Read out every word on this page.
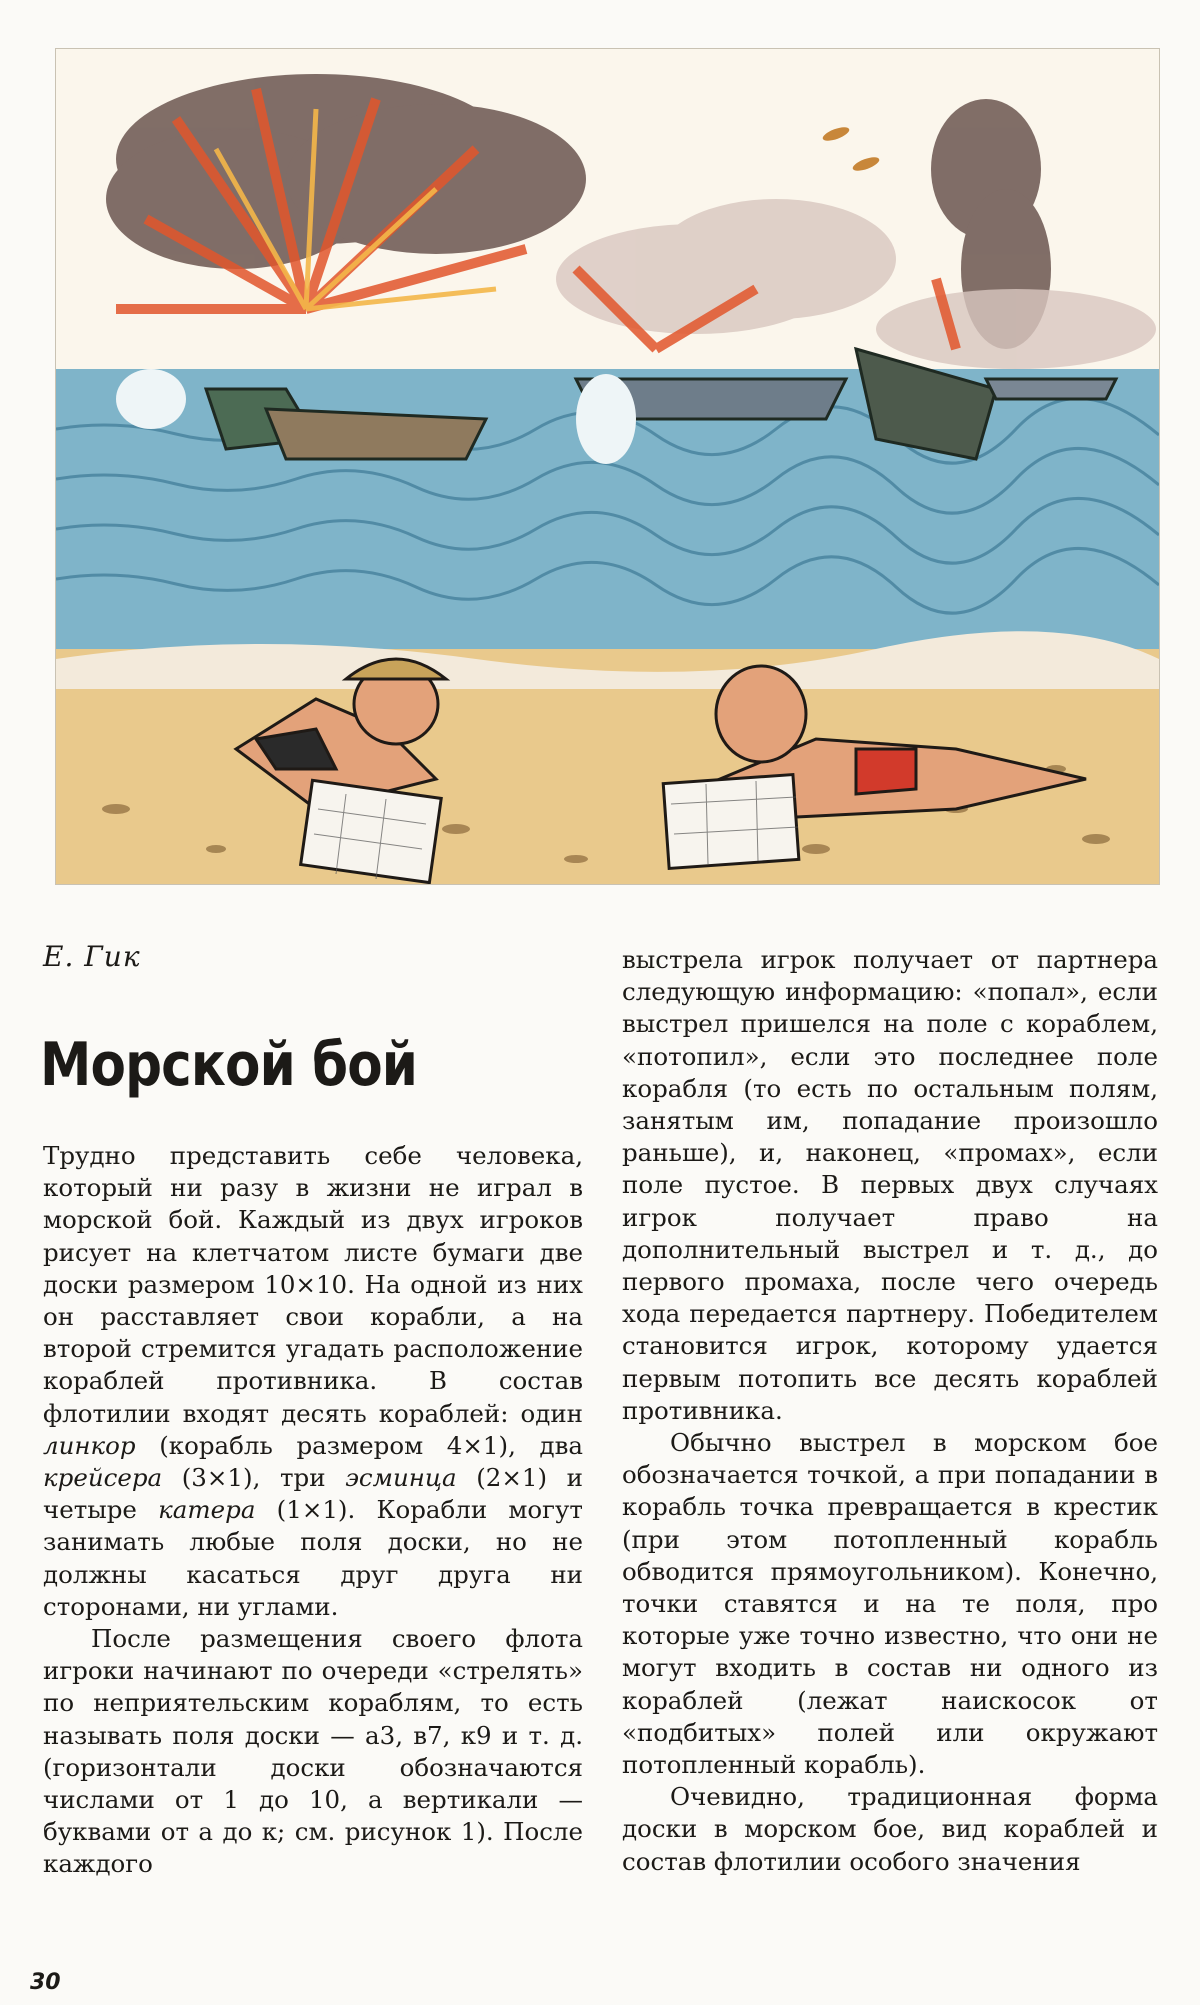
Е. Гик
Морской бой

Трудно представить себе человека, который ни разу в жизни не играл в морской бой. Каждый из двух игроков рисует на клетчатом листе бумаги две доски размером 10×10. На одной из них он расставляет свои корабли, а на второй стремится угадать расположение кораблей противника. В состав флотилии входят десять кораблей: один линкор (корабль размером 4×1), два крейсера (3×1), три эсминца (2×1) и четыре катера (1×1). Корабли могут занимать любые поля доски, но не должны касаться друг друга ни сторонами, ни углами.

После размещения своего флота игроки начинают по очереди «стрелять» по неприятельским кораблям, то есть называть поля доски — a3, в7, к9 и т. д. (горизонтали доски обозначаются числами от 1 до 10, а вертикали — буквами от а до к; см. рисунок 1). После каждого

выстрела игрок получает от партнера следующую информацию: «попал», если выстрел пришелся на поле с кораблем, «потопил», если это последнее поле корабля (то есть по остальным полям, занятым им, попадание произошло раньше), и, наконец, «промах», если поле пустое. В первых двух случаях игрок получает право на дополнительный выстрел и т. д., до первого промаха, после чего очередь хода передается партнеру. Победителем становится игрок, которому удается первым потопить все десять кораблей противника.

Обычно выстрел в морском бое обозначается точкой, а при попадании в корабль точка превращается в крестик (при этом потопленный корабль обводится прямоугольником). Конечно, точки ставятся и на те поля, про которые уже точно известно, что они не могут входить в состав ни одного из кораблей (лежат наискосок от «подбитых» полей или окружают потопленный корабль).

Очевидно, традиционная форма доски в морском бое, вид кораблей и состав флотилии особого значения

30
